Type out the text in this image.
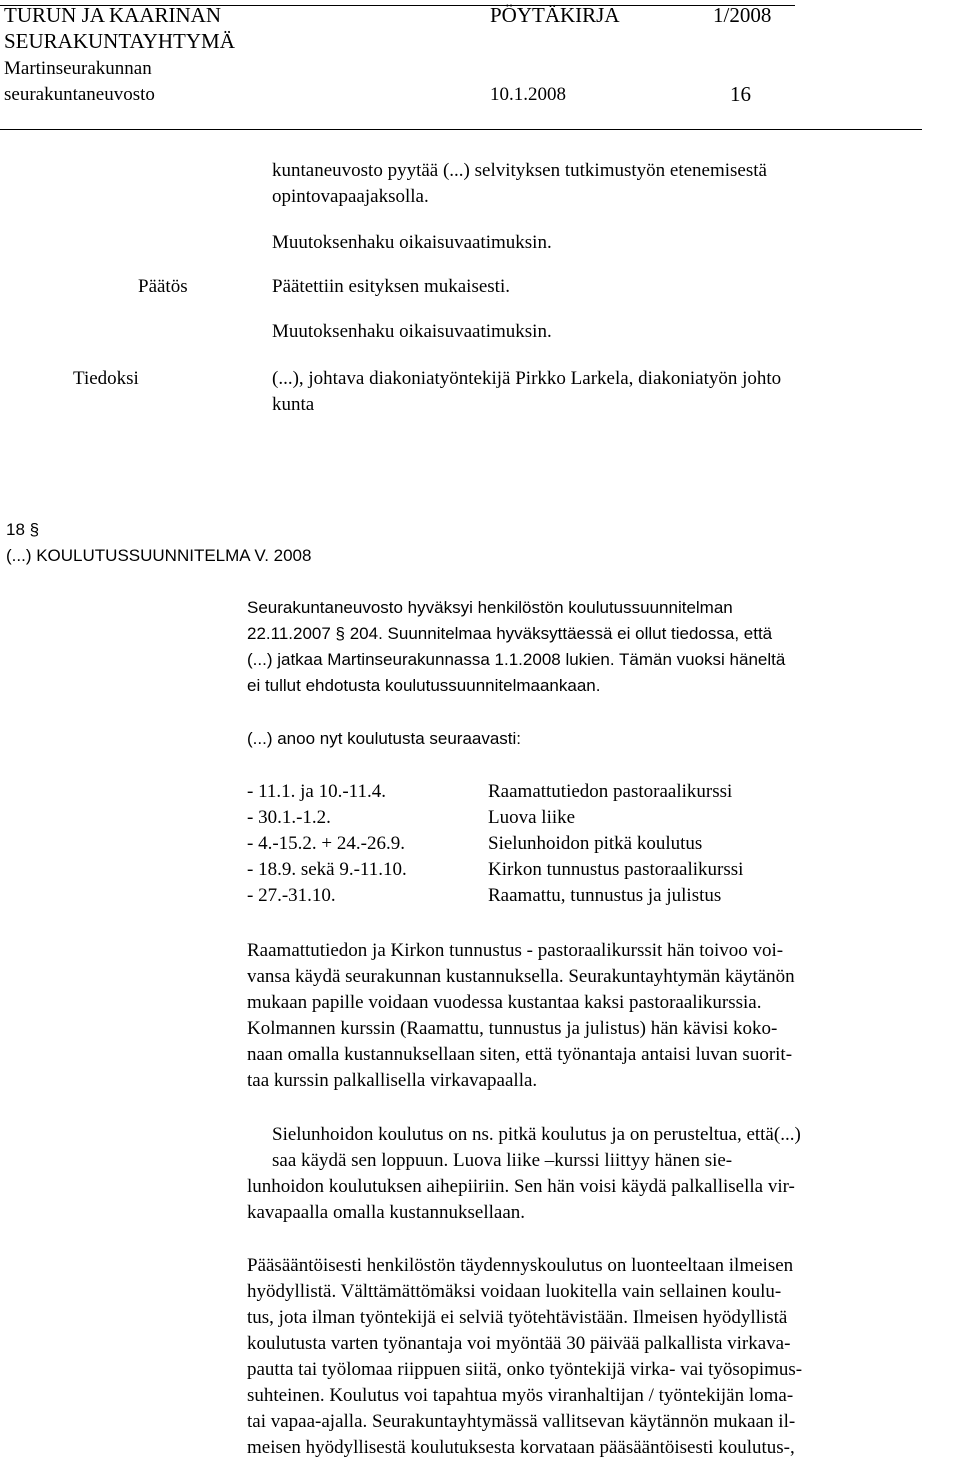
TURUN JA KAARINAN	PÖYTÄKIRJA	1/2008
SEURAKUNTAYHTYMÄ
Martinseurakunnan
seurakuntaneuvosto	10.1.2008	16
kuntaneuvosto pyytää (...) selvityksen tutkimustyön etenemisestä
opintovapaajaksolla.
Muutoksenhaku oikaisuvaatimuksin.
Päätös	Päätettiin esityksen mukaisesti.
Muutoksenhaku oikaisuvaatimuksin.
Tiedoksi	(...), johtava diakoniatyöntekijä Pirkko Larkela, diakoniatyön johto
kunta
18 §
(...) KOULUTUSSUUNNITELMA V. 2008
Seurakuntaneuvosto hyväksyi henkilöstön koulutussuunnitelman
22.11.2007 § 204. Suunnitelmaa hyväksyttäessä ei ollut tiedossa, että
(...) jatkaa Martinseurakunnassa 1.1.2008 lukien. Tämän vuoksi häneltä
ei tullut ehdotusta koulutussuunnitelmaankaan.
(...) anoo nyt koulutusta seuraavasti:
- 11.1. ja 10.-11.4.	Raamattutiedon pastoraalikurssi
- 30.1.-1.2.	Luova liike
- 4.-15.2. + 24.-26.9.	Sielunhoidon pitkä koulutus
- 18.9. sekä 9.-11.10.	Kirkon tunnustus pastoraalikurssi
- 27.-31.10.	Raamattu, tunnustus ja julistus
Raamattutiedon ja Kirkon tunnustus - pastoraalikurssit hän toivoo voi-
vansa käydä seurakunnan kustannuksella. Seurakuntayhtymän käytänön
mukaan papille voidaan vuodessa kustantaa kaksi pastoraalikurssia.
Kolmannen kurssin (Raamattu, tunnustus ja julistus) hän kävisi koko-
naan omalla kustannuksellaan siten, että työnantaja antaisi luvan suorit-
taa kurssin palkallisella virkavapaalla.
Sielunhoidon koulutus on ns. pitkä koulutus ja on perusteltua, että(...)
saa käydä sen loppuun. Luova liike –kurssi liittyy hänen sie-
lunhoidon koulutuksen aihepiiriin. Sen hän voisi käydä palkallisella vir-
kavapaalla omalla kustannuksellaan.
Pääsääntöisesti henkilöstön täydennyskoulutus on luonteeltaan ilmeisen
hyödyllistä. Välttämättömäksi voidaan luokitella vain sellainen koulu-
tus, jota ilman työntekijä ei selviä työtehtävistään. Ilmeisen hyödyllistä
koulutusta varten työnantaja voi myöntää 30 päivää palkallista virkava-
pautta tai työlomaa riippuen siitä, onko työntekijä virka- vai työsopimus-
suhteinen. Koulutus voi tapahtua myös viranhaltijan / työntekijän loma-
tai vapaa-ajalla. Seurakuntayhtymässä vallitsevan käytännön mukaan il-
meisen hyödyllisestä koulutuksesta korvataan pääsääntöisesti koulutus-,
